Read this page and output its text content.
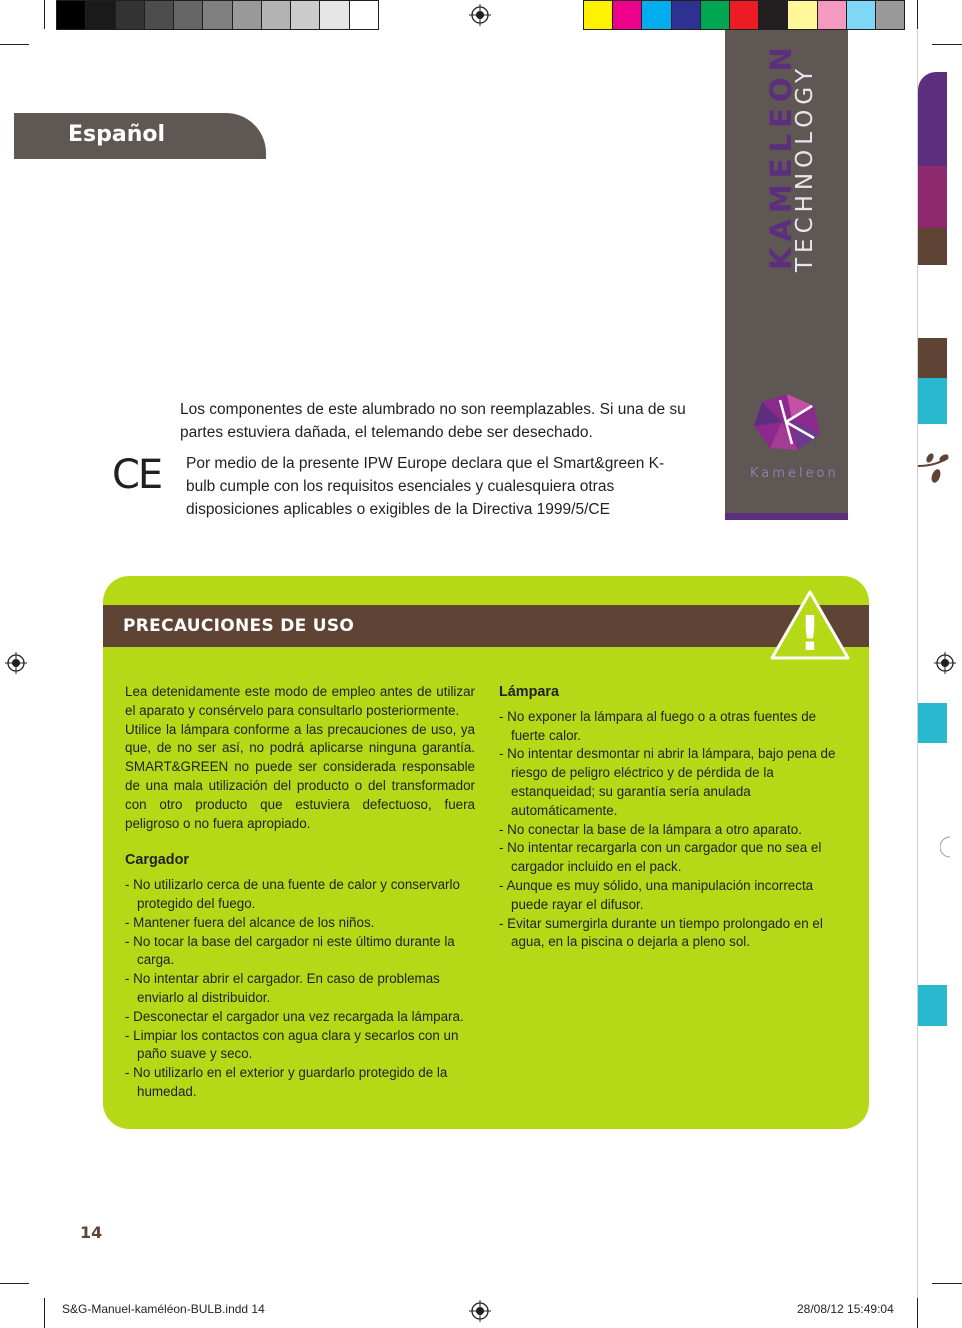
Español	KAMELEON
TECHNOLOGY
Kameleon
Los componentes de este alumbrado no son reemplazables. Si una de su partes estuviera dañada, el telemando debe ser desechado.
CE Por medio de la presente IPW Europe declara que el Smart&green K-bulb cumple con los requisitos esenciales y cualesquiera otras disposiciones aplicables o exigibles de la Directiva 1999/5/CE
PRECAUCIONES DE USO	!

Lea detenidamente este modo de empleo antes de utilizar el aparato y consérvelo para consultarlo posteriormente.

Utilice la lámpara conforme a las precauciones de uso, ya que, de no ser así, no podrá aplicarse ninguna garantía. SMART&GREEN no puede ser considerada responsable de una mala utilización del producto o del transformador con otro producto que estuviera defectuoso, fuera peligroso o no fuera apropiado.

Cargador

- No utilizarlo cerca de una fuente de calor y conservarlo protegido del fuego.

- Mantener fuera del alcance de los niños.

- No tocar la base del cargador ni este último durante la carga.

- No intentar abrir el cargador. En caso de problemas enviarlo al distribuidor.

- Desconectar el cargador una vez recargada la lámpara.

- Limpiar los contactos con agua clara y secarlos con un paño suave y seco.

- No utilizarlo en el exterior y guardarlo protegido de la humedad.

Lámpara

- No exponer la lámpara al fuego o a otras fuentes de fuerte calor.

- No intentar desmontar ni abrir la lámpara, bajo pena de riesgo de peligro eléctrico y de pérdida de la estanqueidad; su garantía sería anulada automáticamente.

- No conectar la base de la lámpara a otro aparato.

- No intentar recargarla con un cargador que no sea el cargador incluido en el pack.

- Aunque es muy sólido, una manipulación incorrecta puede rayar el difusor.

- Evitar sumergirla durante un tiempo prolongado en el agua, en la piscina o dejarla a pleno sol.

14
S&G-Manuel-kaméléon-BULB.indd 14	28/08/12 15:49:04
